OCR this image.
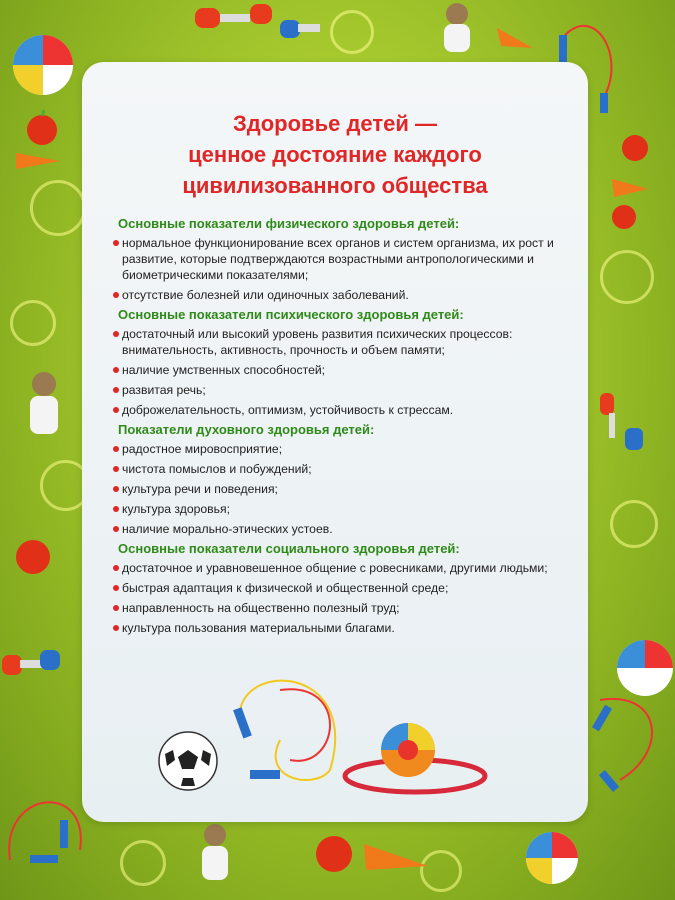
Здоровье детей —
ценное достояние каждого
цивилизованного общества
Основные показатели физического здоровья детей:
нормальное функционирование всех органов и систем организма, их рост и развитие, которые подтверждаются возрастными антропологическими и биометрическими показателями;
отсутствие болезней или одиночных заболеваний.
Основные показатели психического здоровья детей:
достаточный или высокий уровень развития психических процессов: внимательность, активность, прочность и объем памяти;
наличие умственных способностей;
развитая речь;
доброжелательность, оптимизм, устойчивость к стрессам.
Показатели духовного здоровья детей:
радостное мировосприятие;
чистота помыслов и побуждений;
культура речи и поведения;
культура здоровья;
наличие морально-этических устоев.
Основные показатели социального здоровья детей:
достаточное и уравновешенное общение с ровесниками, другими людьми;
быстрая адаптация к физической и общественной среде;
направленность на общественно полезный труд;
культура пользования материальными благами.
